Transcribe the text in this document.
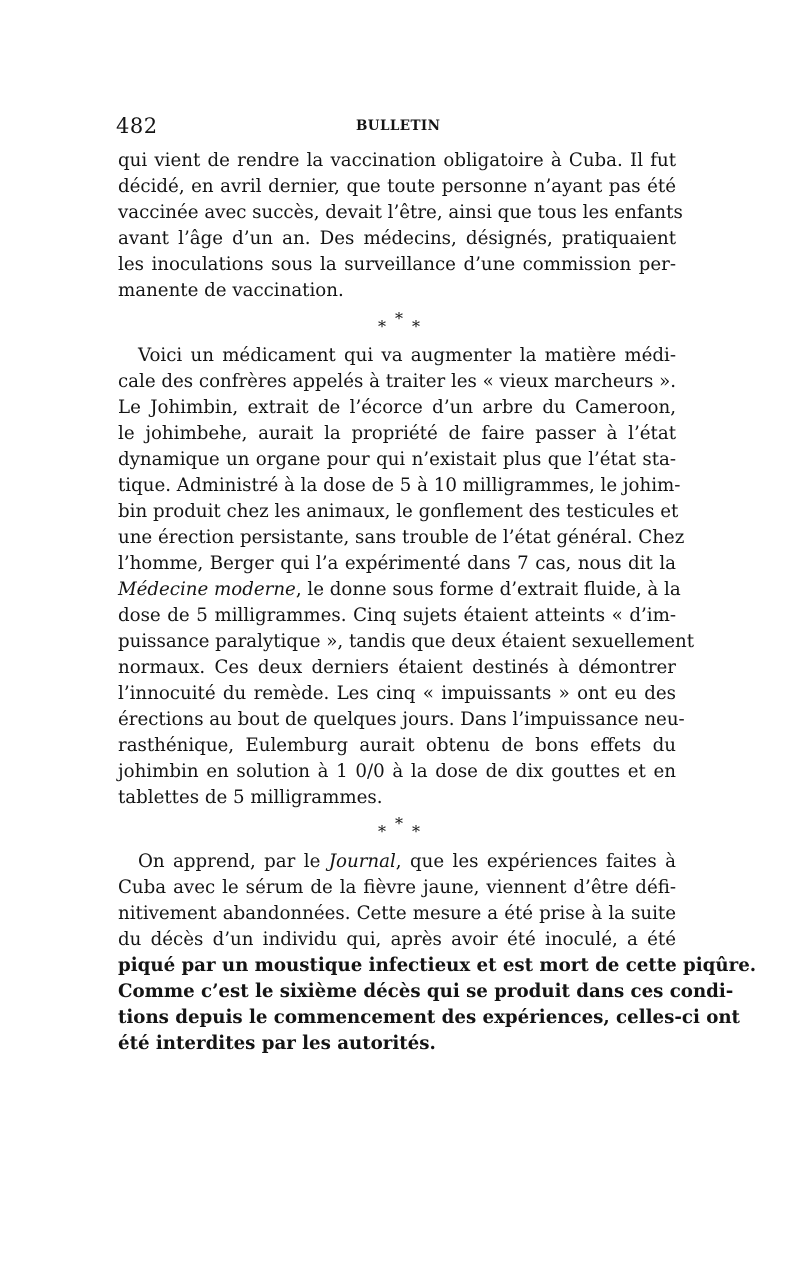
482	BULLETIN
qui vient de rendre la vaccination obligatoire à Cuba. Il fut
décidé, en avril dernier, que toute personne n’ayant pas été
vaccinée avec succès, devait l’être, ainsi que tous les enfants
avant l’âge d’un an. Des médecins, désignés, pratiquaient
les inoculations sous la surveillance d’une commission per-
manente de vaccination.
*
* *
Voici un médicament qui va augmenter la matière médi-
cale des confrères appelés à traiter les « vieux marcheurs ».
Le Johimbin, extrait de l’écorce d’un arbre du Cameroon,
le johimbehe, aurait la propriété de faire passer à l’état
dynamique un organe pour qui n’existait plus que l’état sta-
tique. Administré à la dose de 5 à 10 milligrammes, le johim-
bin produit chez les animaux, le gonflement des testicules et
une érection persistante, sans trouble de l’état général. Chez
l’homme, Berger qui l’a expérimenté dans 7 cas, nous dit la
Médecine moderne, le donne sous forme d’extrait fluide, à la
dose de 5 milligrammes. Cinq sujets étaient atteints « d’im-
puissance paralytique », tandis que deux étaient sexuellement
normaux. Ces deux derniers étaient destinés à démontrer
l’innocuité du remède. Les cinq « impuissants » ont eu des
érections au bout de quelques jours. Dans l’impuissance neu-
rasthénique, Eulemburg aurait obtenu de bons effets du
johimbin en solution à 1 0/0 à la dose de dix gouttes et en
tablettes de 5 milligrammes.
*
* *
On apprend, par le Journal, que les expériences faites à
Cuba avec le sérum de la fièvre jaune, viennent d’être défi-
nitivement abandonnées. Cette mesure a été prise à la suite
du décès d’un individu qui, après avoir été inoculé, a été
piqué par un moustique infectieux et est mort de cette piqûre.
Comme c’est le sixième décès qui se produit dans ces condi-
tions depuis le commencement des expériences, celles-ci ont
été interdites par les autorités.
